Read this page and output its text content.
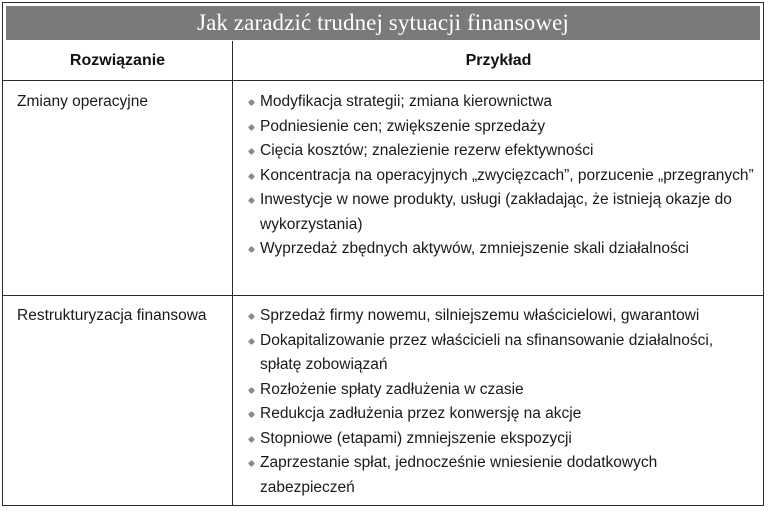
Jak zaradzić trudnej sytuacji finansowej
Rozwiązanie	Przykład
Zmiany operacyjne	Modyfikacja strategii; zmiana kierownictwa
Podniesienie cen; zwiększenie sprzedaży
Cięcia kosztów; znalezienie rezerw efektywności
Koncentracja na operacyjnych „zwycięzcach”, porzucenie „przegranych”
Inwestycje w nowe produkty, usługi (zakładając, że istnieją okazje do wykorzystania)
Wyprzedaż zbędnych aktywów, zmniejszenie skali działalności
Restrukturyzacja finansowa	Sprzedaż firmy nowemu, silniejszemu właścicielowi, gwarantowi
Dokapitalizowanie przez właścicieli na sfinansowanie działalności, spłatę zobowiązań
Rozłożenie spłaty zadłużenia w czasie
Redukcja zadłużenia przez konwersję na akcje
Stopniowe (etapami) zmniejszenie ekspozycji
Zaprzestanie spłat, jednocześnie wniesienie dodatkowych zabezpieczeń
